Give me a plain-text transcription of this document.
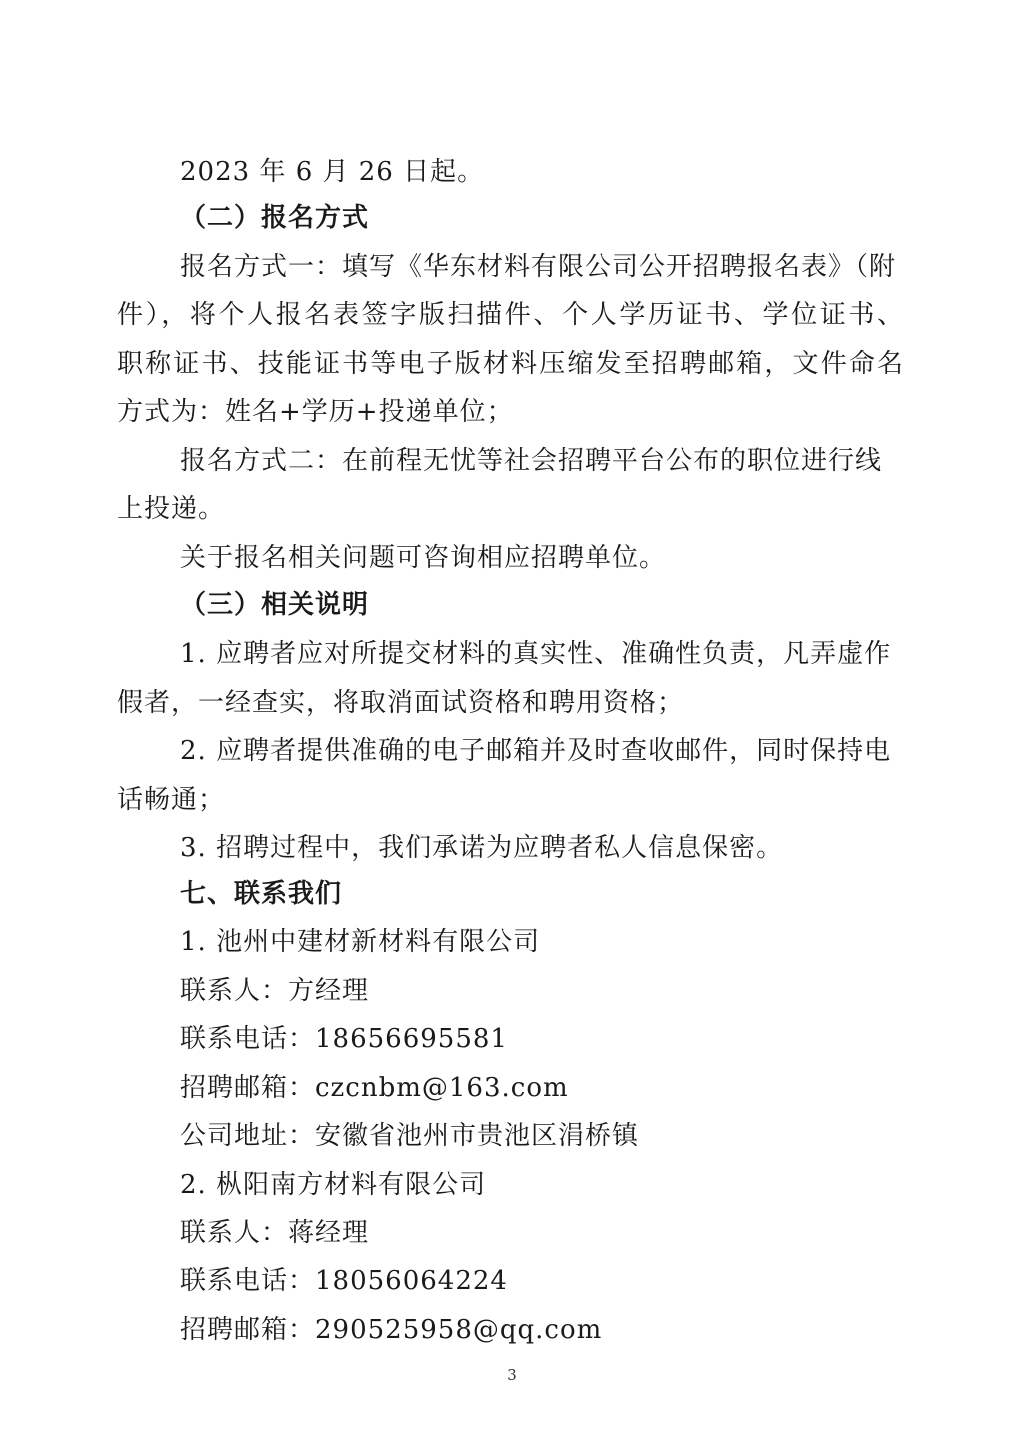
2023 年 6 月 26 日起。
（二）报名方式
报名方式一：填写《华东材料有限公司公开招聘报名表》（附
件），将个人报名表签字版扫描件、个人学历证书、学位证书、
职称证书、技能证书等电子版材料压缩发至招聘邮箱，文件命名
方式为：姓名+学历+投递单位；
报名方式二：在前程无忧等社会招聘平台公布的职位进行线
上投递。
关于报名相关问题可咨询相应招聘单位。
（三）相关说明
1. 应聘者应对所提交材料的真实性、准确性负责，凡弄虚作
假者，一经查实，将取消面试资格和聘用资格；
2. 应聘者提供准确的电子邮箱并及时查收邮件，同时保持电
话畅通；
3. 招聘过程中，我们承诺为应聘者私人信息保密。
七、联系我们
1. 池州中建材新材料有限公司
联系人：方经理
联系电话：18656695581
招聘邮箱：czcnbm@163.com
公司地址：安徽省池州市贵池区涓桥镇
2. 枞阳南方材料有限公司
联系人：蒋经理
联系电话：18056064224
招聘邮箱：290525958@qq.com
3
